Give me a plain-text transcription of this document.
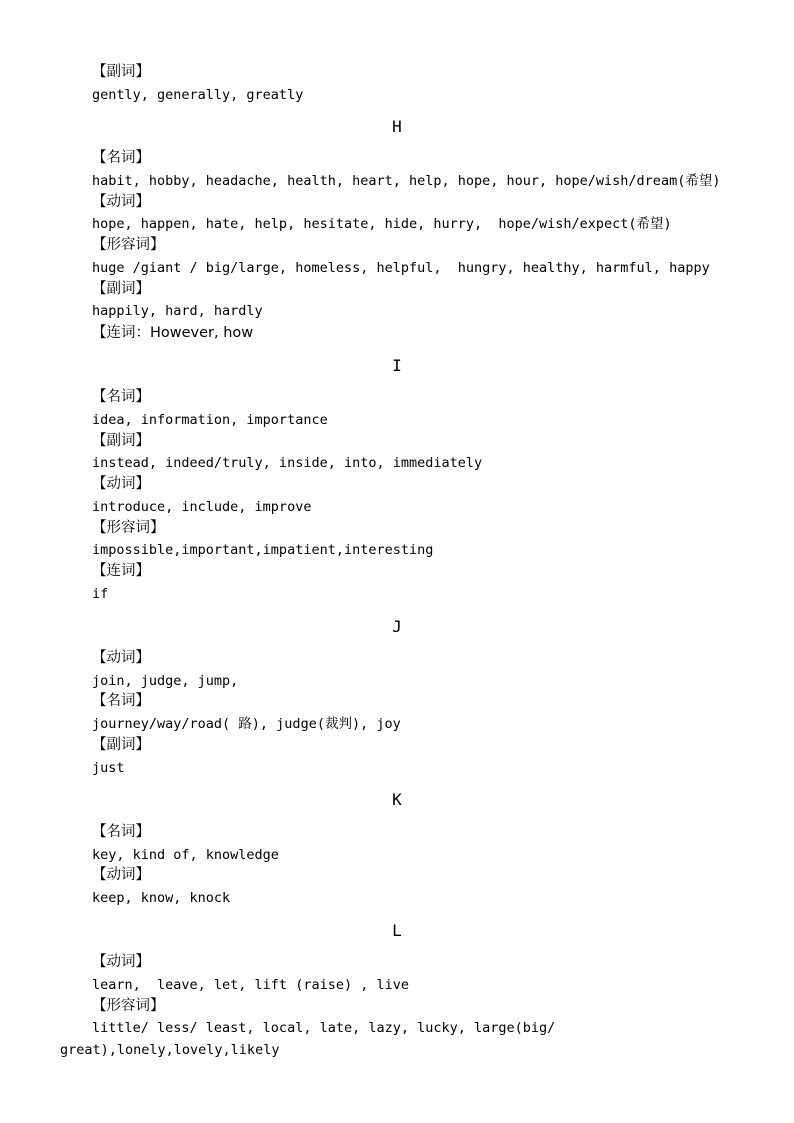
【副词】
gently, generally, greatly
H
【名词】
habit, hobby, headache, health, heart, help, hope, hour, hope/wish/dream(希望)
【动词】
hope, happen, hate, help, hesitate, hide, hurry,  hope/wish/expect(希望)
【形容词】
huge /giant / big/large, homeless, helpful,  hungry, healthy, harmful, happy
【副词】
happily, hard, hardly
【连词：However, how
I
【名词】
idea, information, importance
【副词】
instead, indeed/truly, inside, into, immediately
【动词】
introduce, include, improve
【形容词】
impossible,important,impatient,interesting
【连词】
if
J
【动词】
join, judge, jump,
【名词】
journey/way/road( 路), judge(裁判), joy
【副词】
just
K
【名词】
key, kind of, knowledge
【动词】
keep, know, knock
L
【动词】
learn,  leave, let, lift (raise) , live
【形容词】
little/ less/ least, local, late, lazy, lucky, large(big/
great),lonely,lovely,likely
